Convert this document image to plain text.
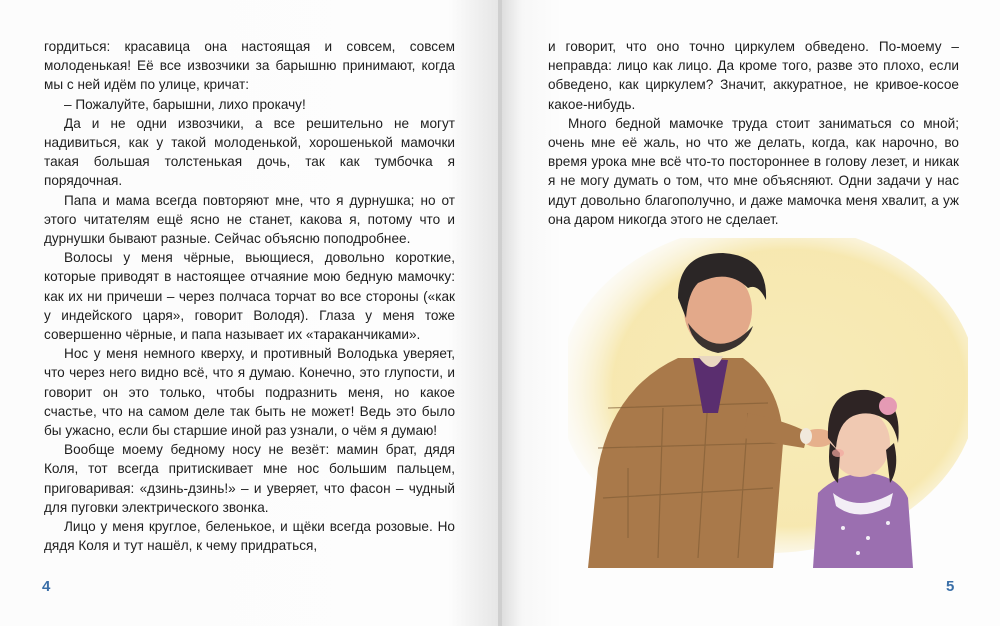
гордиться: красавица она настоящая и совсем, совсем молоденькая! Её все извозчики за барышню принимают, когда мы с ней идём по улице, кричат:

– Пожалуйте, барышни, лихо прокачу!

Да и не одни извозчики, а все решительно не могут надивиться, как у такой молоденькой, хорошенькой мамочки такая большая толстенькая дочь, так как тумбочка я порядочная.

Папа и мама всегда повторяют мне, что я дурнушка; но от этого читателям ещё ясно не станет, какова я, потому что и дурнушки бывают разные. Сейчас объясню поподробнее.

Волосы у меня чёрные, вьющиеся, довольно короткие, которые приводят в настоящее отчаяние мою бедную мамочку: как их ни причеши – через полчаса торчат во все стороны («как у индейского царя», говорит Володя). Глаза у меня тоже совершенно чёрные, и папа называет их «тараканчиками».

Нос у меня немного кверху, и противный Володька уверяет, что через него видно всё, что я думаю. Конечно, это глупости, и говорит он это только, чтобы подразнить меня, но какое счастье, что на самом деле так быть не может! Ведь это было бы ужасно, если бы старшие иной раз узнали, о чём я думаю!

Вообще моему бедному носу не везёт: мамин брат, дядя Коля, тот всегда притискивает мне нос большим пальцем, приговаривая: «дзинь-дзинь!» – и уверяет, что фасон – чудный для пуговки электрического звонка.

Лицо у меня круглое, беленькое, и щёки всегда розовые. Но дядя Коля и тут нашёл, к чему придраться,

4

и говорит, что оно точно циркулем обведено. По-моему – неправда: лицо как лицо. Да кроме того, разве это плохо, если обведено, как циркулем? Значит, аккуратное, не кривое-косое какое-нибудь.

Много бедной мамочке труда стоит заниматься со мной; очень мне её жаль, но что же делать, когда, как нарочно, во время урока мне всё что-то постороннее в голову лезет, и никак я не могу думать о том, что мне объясняют. Одни задачи у нас идут довольно благополучно, и даже мамочка меня хвалит, а уж она даром никогда этого не сделает.

5
